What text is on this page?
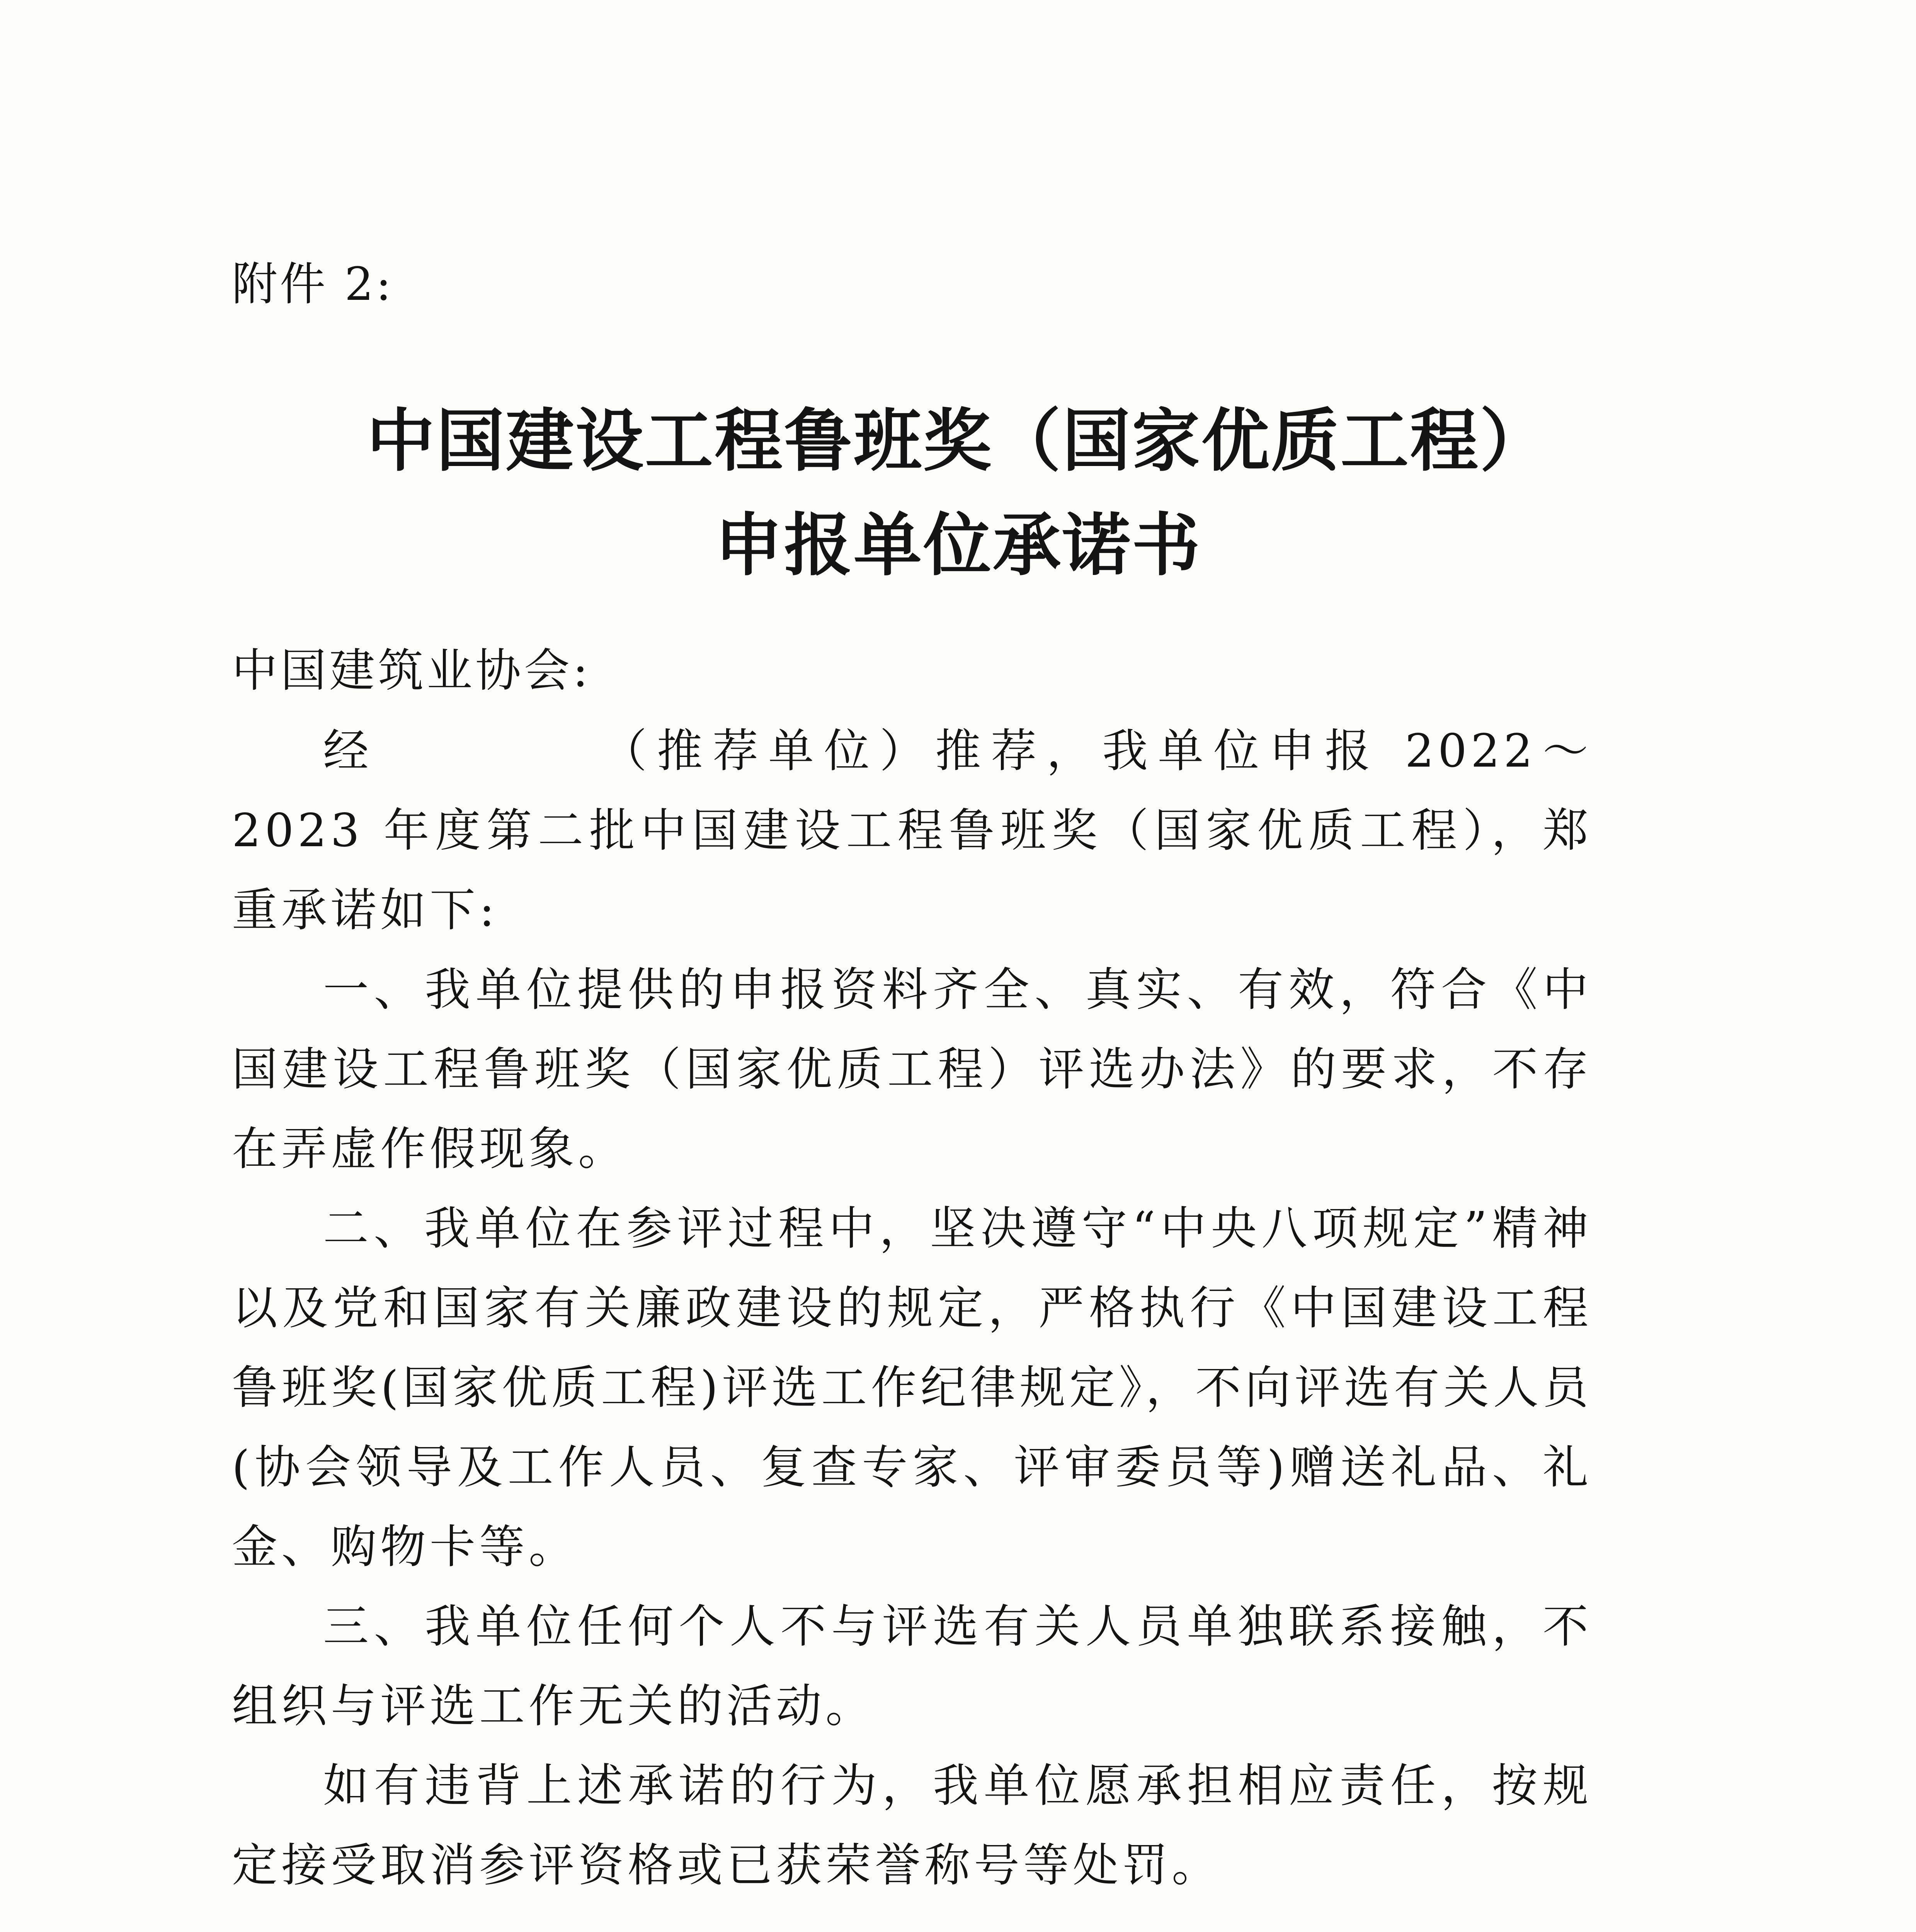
附件 2:
中国建设工程鲁班奖（国家优质工程）
申报单位承诺书
中国建筑业协会:

经	（推荐单位）推荐，我单位申报 2022～2023 年度第二批中国建设工程鲁班奖（国家优质工程），郑重承诺如下:

一、我单位提供的申报资料齐全、真实、有效，符合《中国建设工程鲁班奖（国家优质工程）评选办法》的要求，不存在弄虚作假现象。

二、我单位在参评过程中，坚决遵守“中央八项规定”精神以及党和国家有关廉政建设的规定，严格执行《中国建设工程鲁班奖(国家优质工程)评选工作纪律规定》，不向评选有关人员(协会领导及工作人员、复查专家、评审委员等)赠送礼品、礼金、购物卡等。

三、我单位任何个人不与评选有关人员单独联系接触，不组织与评选工作无关的活动。

如有违背上述承诺的行为，我单位愿承担相应责任，按规定接受取消参评资格或已获荣誉称号等处罚。
